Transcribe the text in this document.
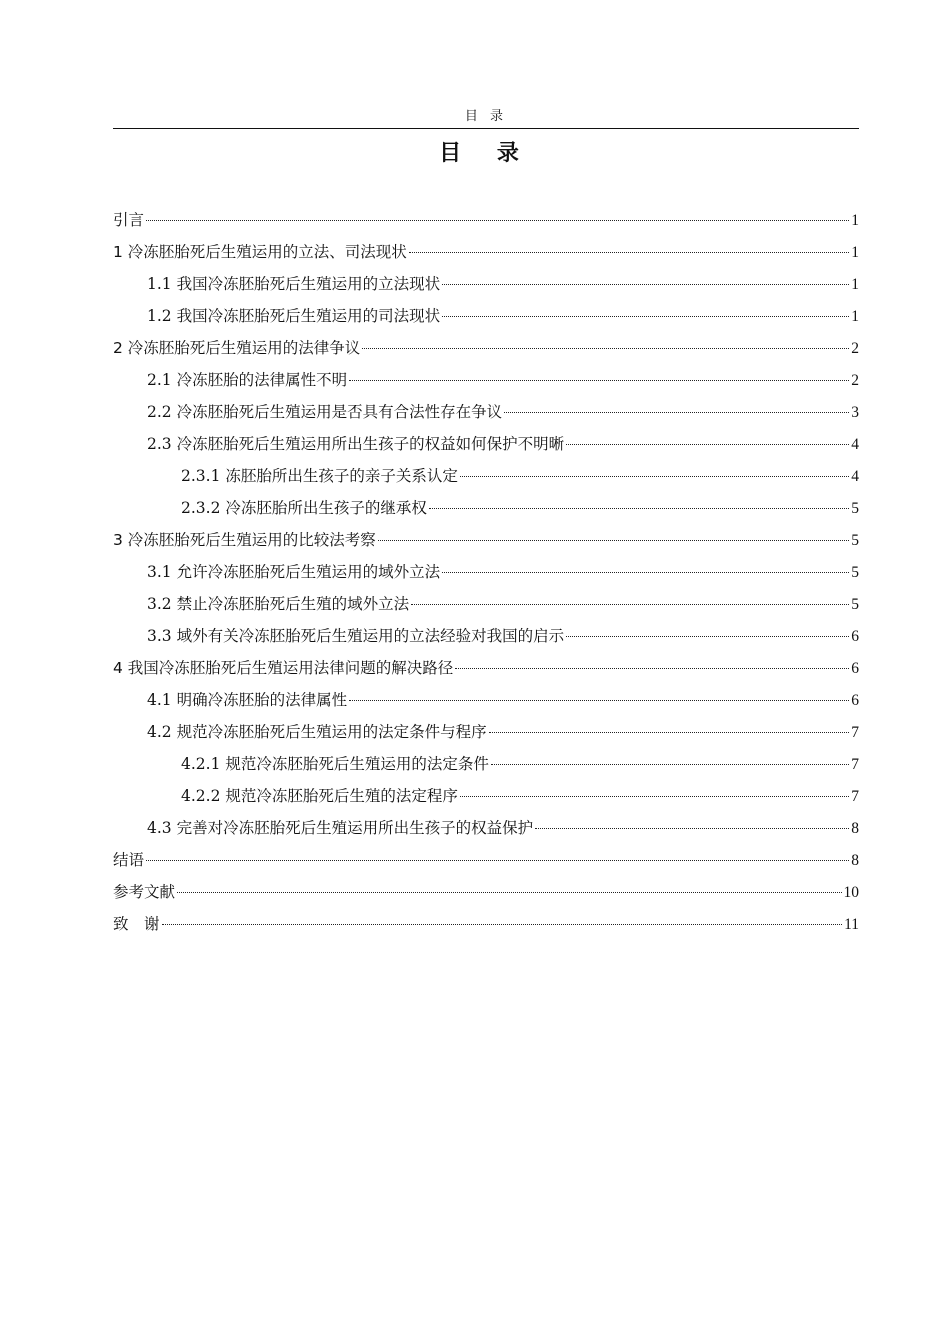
目 录
目 录
引言	1
1 冷冻胚胎死后生殖运用的立法、司法现状	1
1.1 我国冷冻胚胎死后生殖运用的立法现状	1
1.2 我国冷冻胚胎死后生殖运用的司法现状	1
2 冷冻胚胎死后生殖运用的法律争议	2
2.1 冷冻胚胎的法律属性不明	2
2.2 冷冻胚胎死后生殖运用是否具有合法性存在争议	3
2.3 冷冻胚胎死后生殖运用所出生孩子的权益如何保护不明晰	4
2.3.1 冻胚胎所出生孩子的亲子关系认定	4
2.3.2 冷冻胚胎所出生孩子的继承权	5
3 冷冻胚胎死后生殖运用的比较法考察	5
3.1 允许冷冻胚胎死后生殖运用的域外立法	5
3.2 禁止冷冻胚胎死后生殖的域外立法	5
3.3 域外有关冷冻胚胎死后生殖运用的立法经验对我国的启示	6
4 我国冷冻胚胎死后生殖运用法律问题的解决路径	6
4.1 明确冷冻胚胎的法律属性	6
4.2 规范冷冻胚胎死后生殖运用的法定条件与程序	7
4.2.1 规范冷冻胚胎死后生殖运用的法定条件	7
4.2.2 规范冷冻胚胎死后生殖的法定程序	7
4.3 完善对冷冻胚胎死后生殖运用所出生孩子的权益保护	8
结语	8
参考文献	10
致　谢	11
